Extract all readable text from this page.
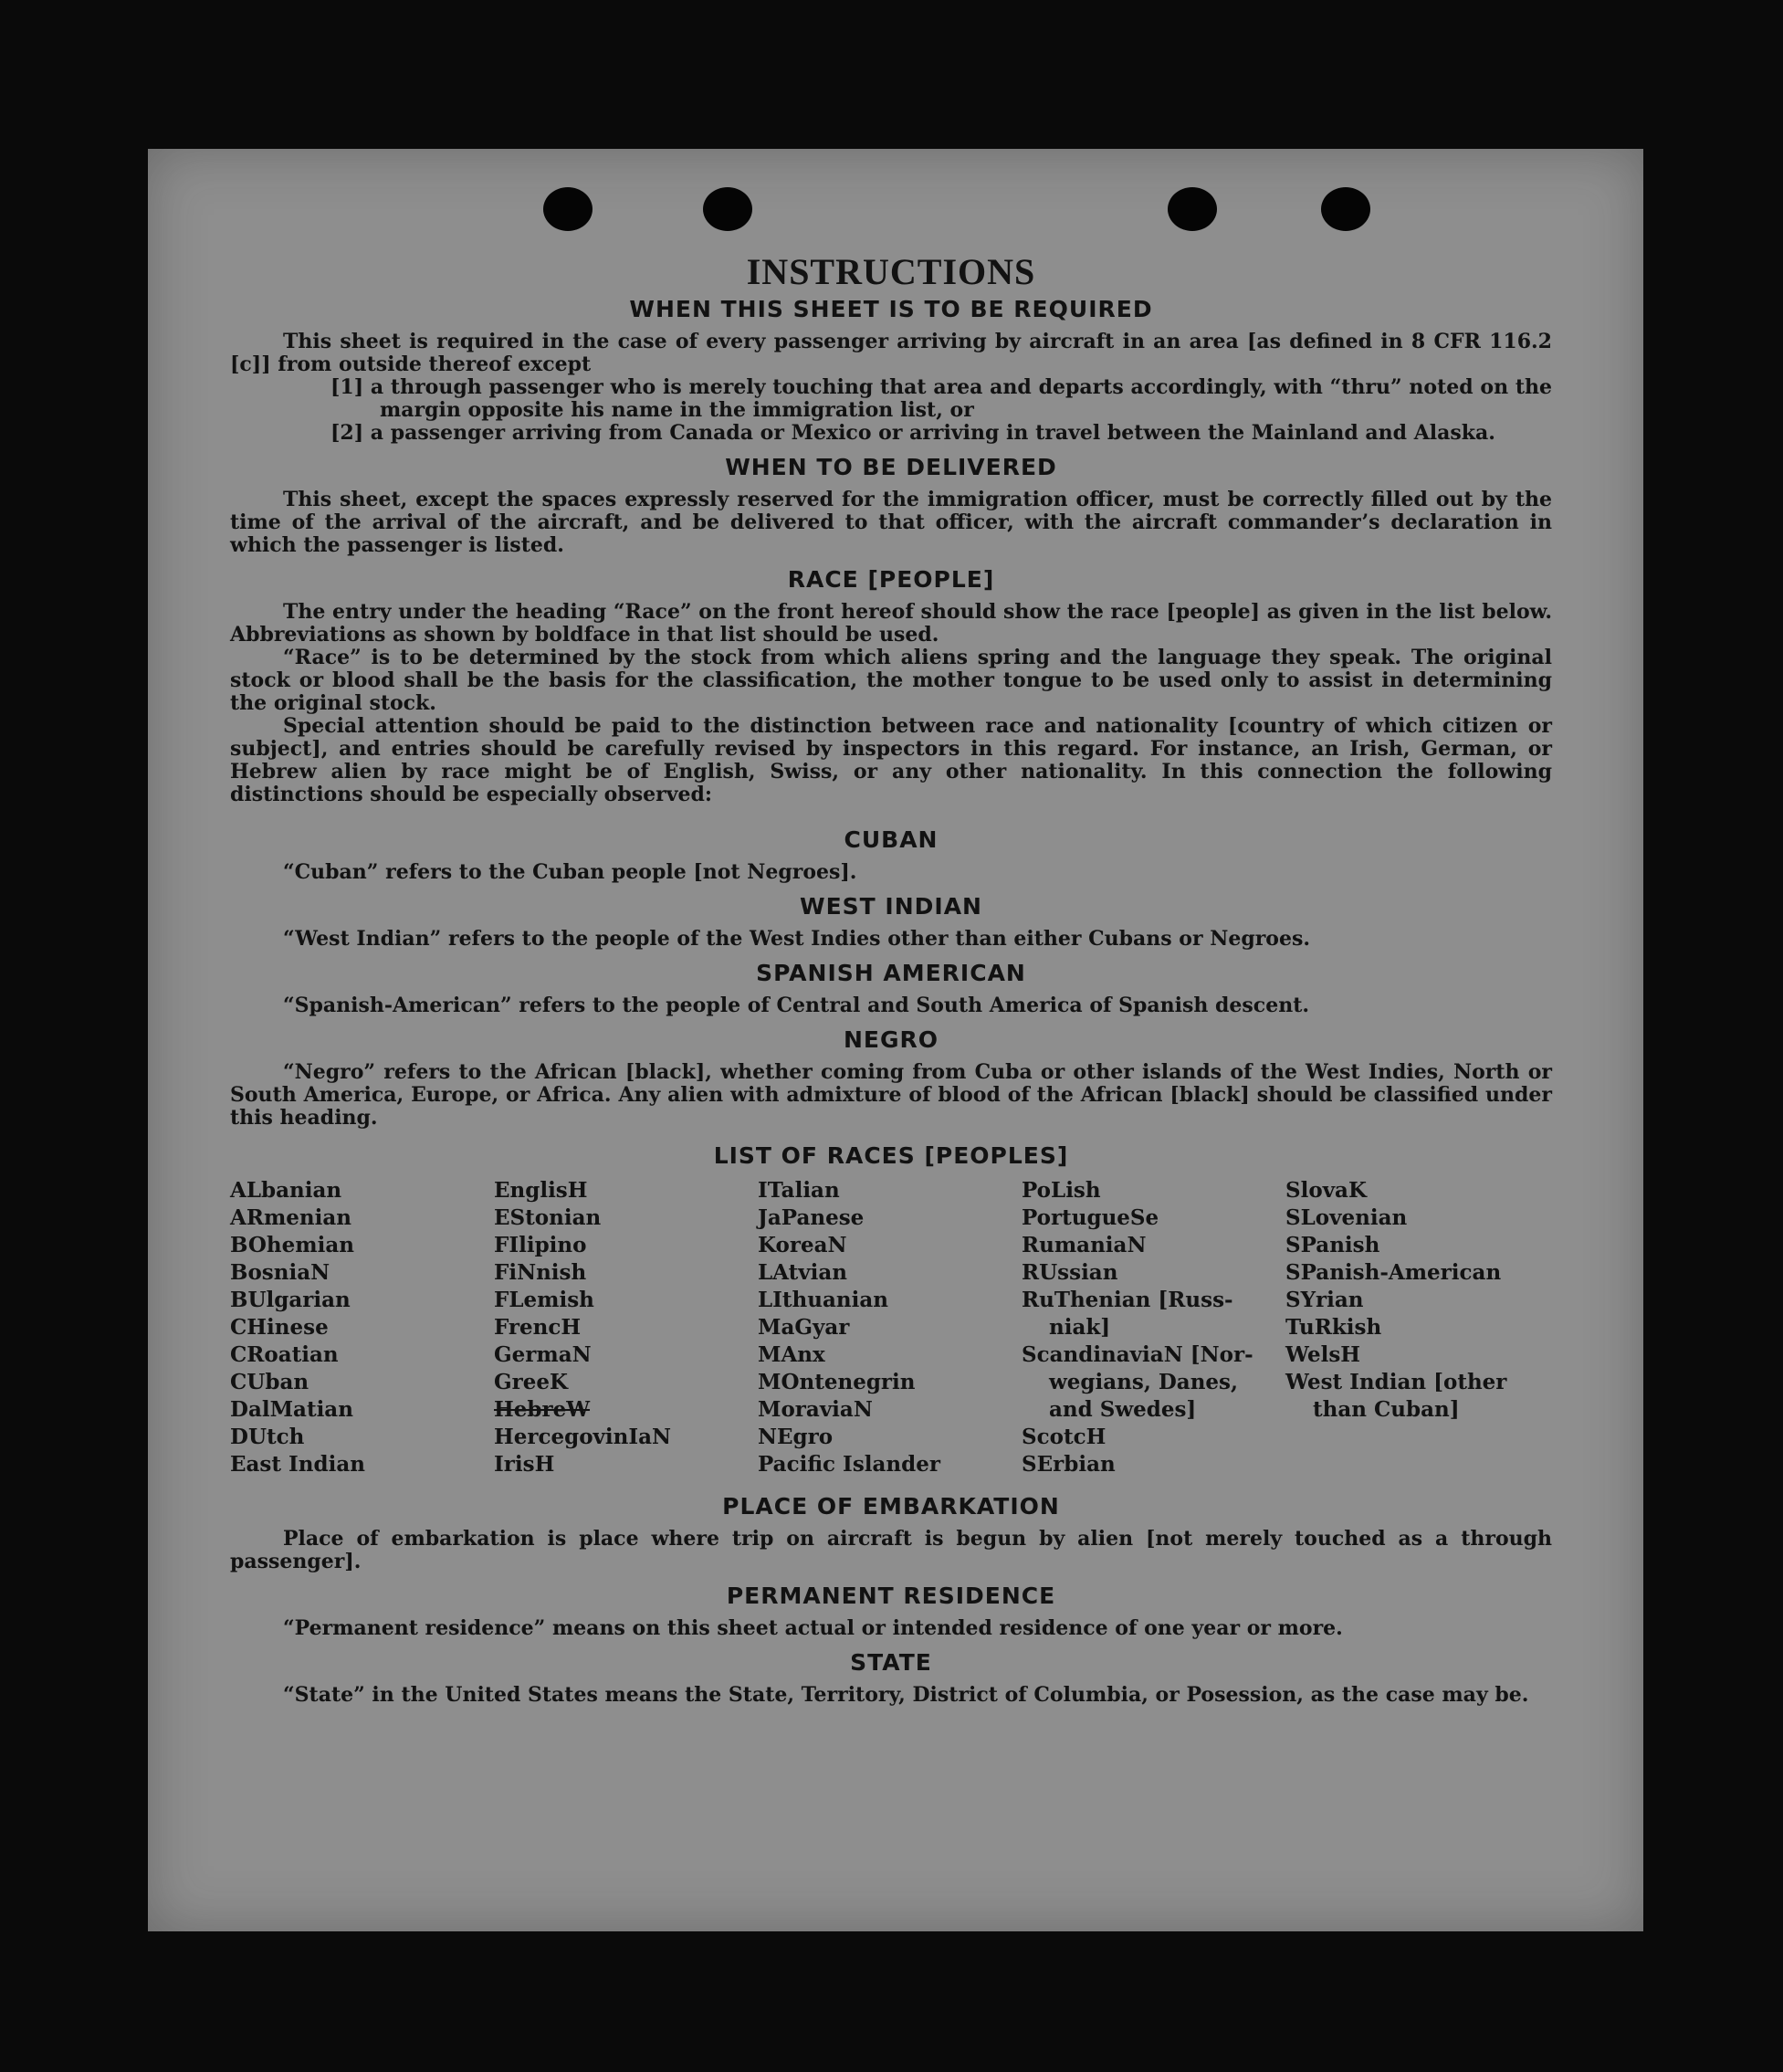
INSTRUCTIONS
WHEN THIS SHEET IS TO BE REQUIRED

This sheet is required in the case of every passenger arriving by aircraft in an area [as defined in 8 CFR 116.2 [c]] from outside thereof except

[1] a through passenger who is merely touching that area and departs accordingly, with “thru” noted on the margin opposite his name in the immigration list, or

[2] a passenger arriving from Canada or Mexico or arriving in travel between the Mainland and Alaska.

WHEN TO BE DELIVERED

This sheet, except the spaces expressly reserved for the immigration officer, must be correctly filled out by the time of the arrival of the aircraft, and be delivered to that officer, with the aircraft commander’s declaration in which the passenger is listed.

RACE [PEOPLE]

The entry under the heading “Race” on the front hereof should show the race [people] as given in the list below. Abbreviations as shown by boldface in that list should be used.

“Race” is to be determined by the stock from which aliens spring and the language they speak. The original stock or blood shall be the basis for the classification, the mother tongue to be used only to assist in determining the original stock.

Special attention should be paid to the distinction between race and nationality [country of which citizen or subject], and entries should be carefully revised by inspectors in this regard. For instance, an Irish, German, or Hebrew alien by race might be of English, Swiss, or any other nationality. In this connection the following distinctions should be especially observed:

CUBAN

“Cuban” refers to the Cuban people [not Negroes].

WEST INDIAN

“West Indian” refers to the people of the West Indies other than either Cubans or Negroes.

SPANISH AMERICAN

“Spanish-American” refers to the people of Central and South America of Spanish descent.

NEGRO

“Negro” refers to the African [black], whether coming from Cuba or other islands of the West Indies, North or South America, Europe, or Africa. Any alien with admixture of blood of the African [black] should be classified under this heading.

LIST OF RACES [PEOPLES]
ALbanian
ARmenian
BOhemian
BosniaN
BUlgarian
CHinese
CRoatian
CUban
DalMatian
DUtch
East Indian
EnglisH
EStonian
FIlipino
FiNnish
FLemish
FrencH
GermaN
GreeK
HebreW
HercegovinIaN
IrisH
ITalian
JaPanese
KoreaN
LAtvian
LIthuanian
MaGyar
MAnx
MOntenegrin
MoraviaN
NEgro
Pacific Islander
PoLish
PortugueSe
RumaniaN
RUssian
RuThenian [Russ-
niak]
ScandinaviaN [Nor-
wegians, Danes,
and Swedes]
ScotcH
SErbian
SlovaK
SLovenian
SPanish
SPanish-American
SYrian
TuRkish
WelsH
West Indian [other
than Cuban]
PLACE OF EMBARKATION

Place of embarkation is place where trip on aircraft is begun by alien [not merely touched as a through passenger].

PERMANENT RESIDENCE

“Permanent residence” means on this sheet actual or intended residence of one year or more.

STATE

“State” in the United States means the State, Territory, District of Columbia, or Posession, as the case may be.
